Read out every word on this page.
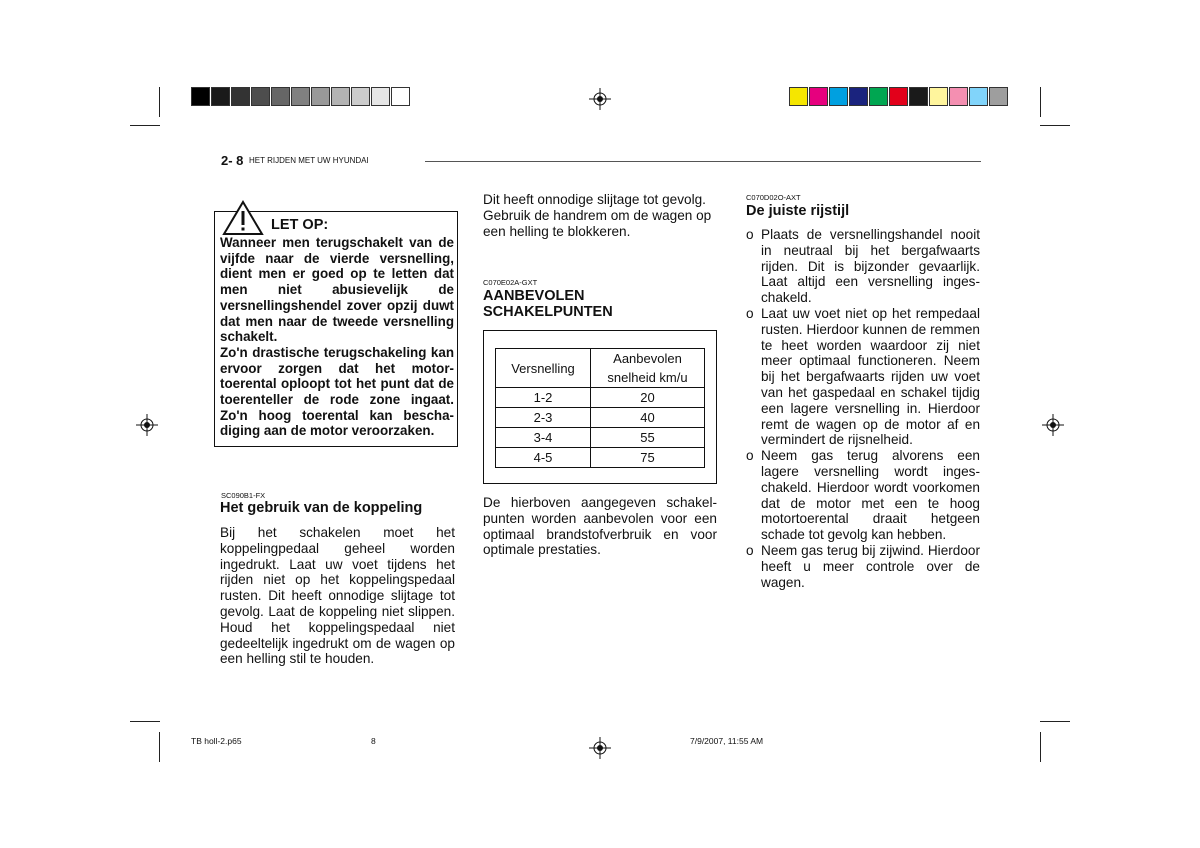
2- 8 HET RIJDEN MET UW HYUNDAI
LET OP:
Wanneer men terugschakelt van de vijfde naar de vierde versnelling, dient men er goed op te letten dat men niet abusievelijk de versnellingshendel zover opzij duwt dat men naar de tweede versnelling schakelt.
Zo'n drastische terugschakeling kan ervoor zorgen dat het motor-toerental oploopt tot het punt dat de toerenteller de rode zone ingaat. Zo'n hoog toerental kan bescha-diging aan de motor veroorzaken.
SC090B1-FX
Het gebruik van de koppeling
Bij het schakelen moet het koppelingpedaal geheel worden ingedrukt. Laat uw voet tijdens het rijden niet op het koppelingspedaal rusten. Dit heeft onnodige slijtage tot gevolg. Laat de koppeling niet slippen. Houd het koppelingspedaal niet gedeeltelijk ingedrukt om de wagen op een helling stil te houden.
Dit heeft onnodige slijtage tot gevolg. Gebruik de handrem om de wagen op een helling te blokkeren.
C070E02A-GXT
AANBEVOLEN
SCHAKELPUNTEN
Versnelling	Aanbevolen
snelheid km/u

1-2	20
2-3	40
3-4	55
4-5	75
De hierboven aangegeven schakel-punten worden aanbevolen voor een optimaal brandstofverbruik en voor optimale prestaties.
C070D02O-AXT
De juiste rijstijl
o Plaats de versnellingshandel nooit in neutraal bij het bergafwaarts rijden. Dit is bijzonder gevaarlijk. Laat altijd een versnelling inges-chakeld.
o Laat uw voet niet op het rempedaal rusten. Hierdoor kunnen de remmen te heet worden waardoor zij niet meer optimaal functioneren. Neem bij het bergafwaarts rijden uw voet van het gaspedaal en schakel tijdig een lagere versnelling in. Hierdoor remt de wagen op de motor af en vermindert de rijsnelheid.
o Neem gas terug alvorens een lagere versnelling wordt inges-chakeld. Hierdoor wordt voorkomen dat de motor met een te hoog motortoerental draait hetgeen schade tot gevolg kan hebben.
o Neem gas terug bij zijwind. Hierdoor heeft u meer controle over de wagen.
TB holl-2.p65	8	7/9/2007, 11:55 AM
